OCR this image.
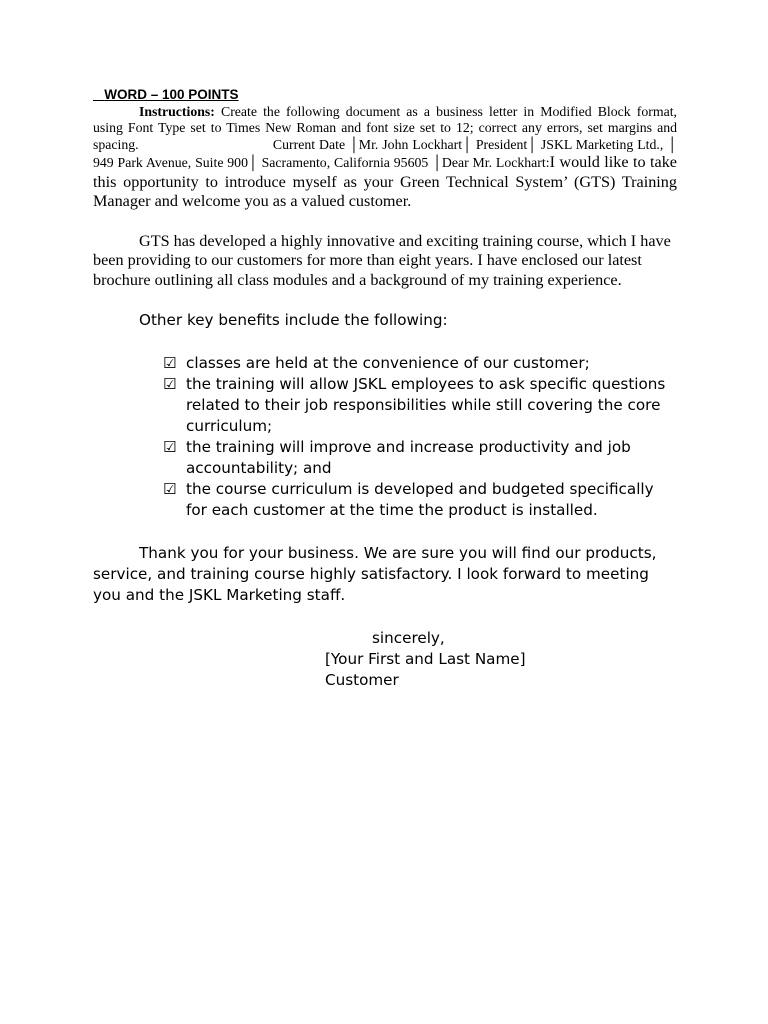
WORD – 100 POINTS

Instructions: Create the following document as a business letter in Modified Block format, using Font Type set to Times New Roman and font size set to 12; correct any errors, set margins and spacing.                                  Current Date │Mr. John Lockhart│ President│ JSKL Marketing Ltd., │ 949 Park Avenue, Suite 900│ Sacramento, California 95605 │Dear Mr. Lockhart:I would like to take this opportunity to introduce myself as your Green Technical System’ (GTS) Training Manager and welcome you as a valued customer.

GTS has developed a highly innovative and exciting training course, which I have been providing to our customers for more than eight years. I have enclosed our latest brochure outlining all class modules and a background of my training experience.

Other key benefits include the following:

☑ classes are held at the convenience of our customer;
☑ the training will allow JSKL employees to ask specific questions related to their job responsibilities while still covering the core curriculum;
☑ the training will improve and increase productivity and job accountability; and
☑ the course curriculum is developed and budgeted specifically for each customer at the time the product is installed.

Thank you for your business. We are sure you will find our products, service, and training course highly satisfactory. I look forward to meeting you and the JSKL Marketing staff.

sincerely,

[Your First and Last Name]

Customer
